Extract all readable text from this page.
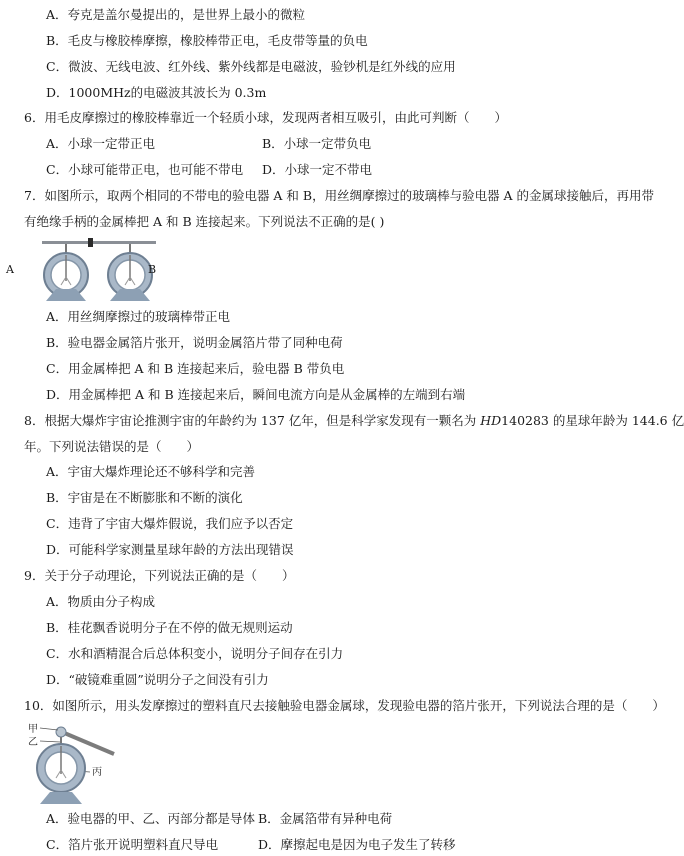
A．夸克是盖尔曼提出的，是世界上最小的微粒
B．毛皮与橡胶棒摩擦，橡胶棒带正电，毛皮带等量的负电
C．微波、无线电波、红外线、紫外线都是电磁波，验钞机是红外线的应用
D．1000MHz的电磁波其波长为 0.3m
6．用毛皮摩擦过的橡胶棒靠近一个轻质小球，发现两者相互吸引，由此可判断（　　）
A．小球一定带正电	B．小球一定带负电
C．小球可能带正电，也可能不带电 D．小球一定不带电
7．如图所示，取两个相同的不带电的验电器 A 和 B，用丝绸摩擦过的玻璃棒与验电器 A 的金属球接触后，再用带
有绝缘手柄的金属棒把 A 和 B 连接起来。下列说法不正确的是( )
A	B
A．用丝绸摩擦过的玻璃棒带正电
B．验电器金属箔片张开，说明金属箔片带了同种电荷
C．用金属棒把 A 和 B 连接起来后，验电器 B 带负电
D．用金属棒把 A 和 B 连接起来后，瞬间电流方向是从金属棒的左端到右端
8．根据大爆炸宇宙论推测宇宙的年龄约为 137 亿年，但是科学家发现有一颗名为 HD140283 的星球年龄为 144.6 亿
年。下列说法错误的是（　　）
A．宇宙大爆炸理论还不够科学和完善
B．宇宙是在不断膨胀和不断的演化
C．违背了宇宙大爆炸假说，我们应予以否定
D．可能科学家测量星球年龄的方法出现错误
9．关于分子动理论，下列说法正确的是（　　）
A．物质由分子构成
B．桂花飘香说明分子在不停的做无规则运动
C．水和酒精混合后总体积变小，说明分子间存在引力
D．“破镜难重圆”说明分子之间没有引力
10．如图所示，用头发摩擦过的塑料直尺去接触验电器金属球，发现验电器的箔片张开，下列说法合理的是（　　）
甲
乙
丙
A．验电器的甲、乙、丙部分都是导体 B．金属箔带有异种电荷
C．箔片张开说明塑料直尺导电	D．摩擦起电是因为电子发生了转移
